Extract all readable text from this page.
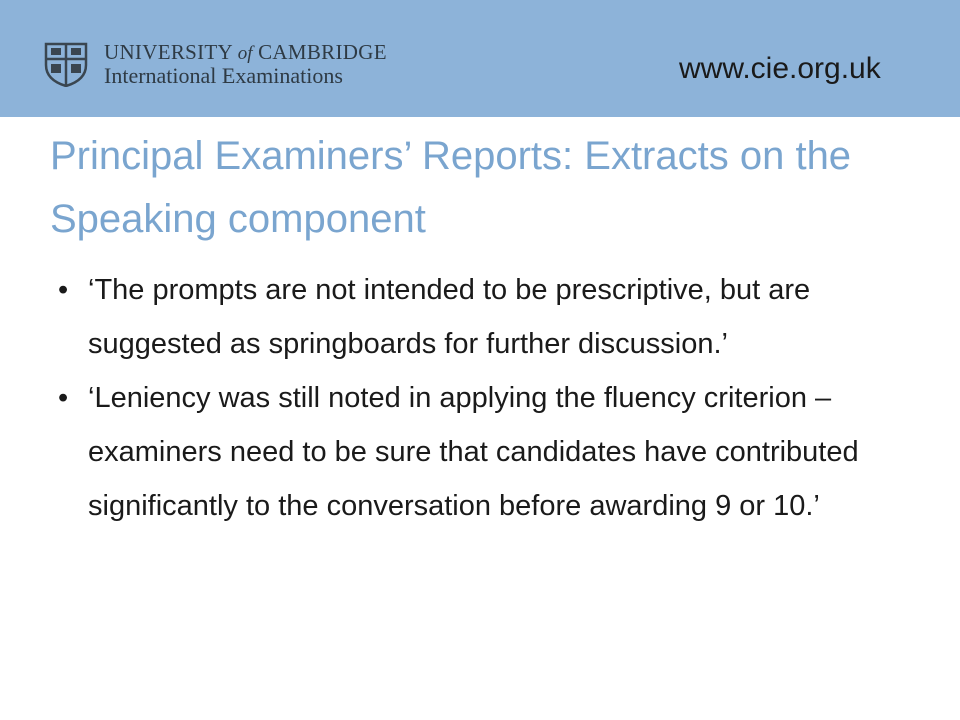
UNIVERSITY of CAMBRIDGE
International Examinations	www.cie.org.uk
Principal Examiners’ Reports: Extracts on the Speaking component
• ‘The prompts are not intended to be prescriptive, but are suggested as springboards for further discussion.’
• ‘Leniency was still noted in applying the fluency criterion – examiners need to be sure that candidates have contributed significantly to the conversation before awarding 9 or 10.’
